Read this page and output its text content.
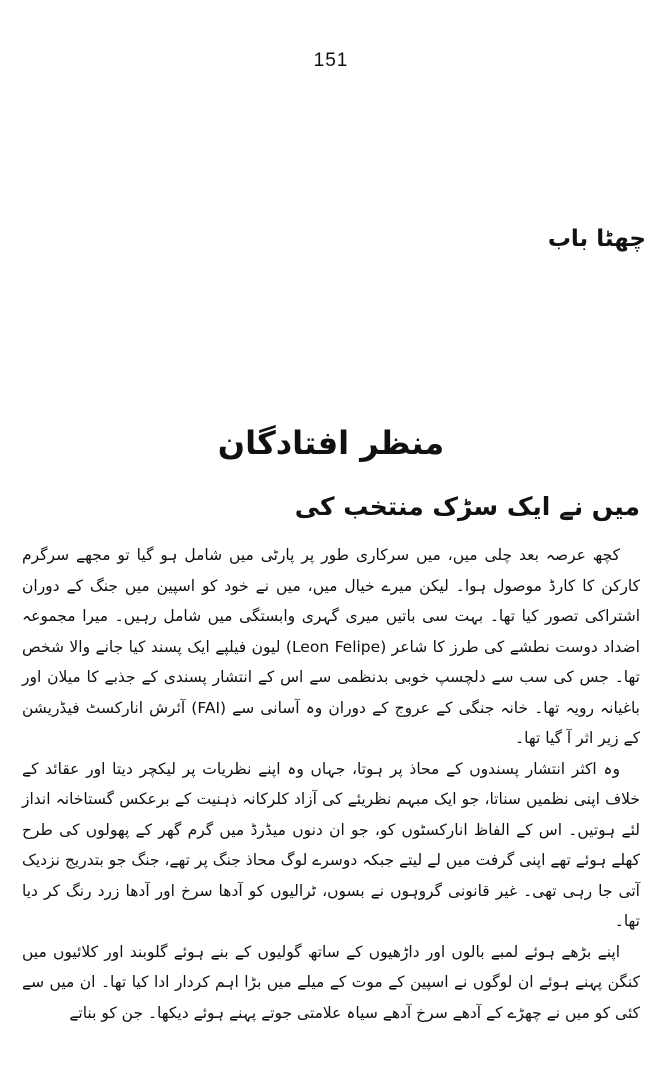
151
چھٹا باب
منظر افتادگان
میں نے ایک سڑک منتخب کی

کچھ عرصہ بعد چلی میں، میں سرکاری طور پر پارٹی میں شامل ہو گیا تو مجھے سرگرم کارکن کا کارڈ موصول ہوا۔ لیکن میرے خیال میں، میں نے خود کو اسپین میں جنگ کے دوران اشتراکی تصور کیا تھا۔ بہت سی باتیں میری گہری وابستگی میں شامل رہیں۔ میرا مجموعہ اضداد دوست نطشے کی طرز کا شاعر (Leon Felipe) لیون فیلپے ایک پسند کیا جانے والا شخص تھا۔ جس کی سب سے دلچسپ خوبی بدنظمی سے اس کے انتشار پسندی کے جذبے کا میلان اور باغیانہ رویہ تھا۔ خانہ جنگی کے عروج کے دوران وہ آسانی سے (FAI) آئرش انارکسٹ فیڈریشن کے زیر اثر آ گیا تھا۔

وہ اکثر انتشار پسندوں کے محاذ پر ہوتا، جہاں وہ اپنے نظریات پر لیکچر دیتا اور عقائد کے خلاف اپنی نظمیں سناتا، جو ایک مبہم نظریئے کی آزاد کلرکانہ ذہنیت کے برعکس گستاخانہ انداز لئے ہوتیں۔ اس کے الفاظ انارکسٹوں کو، جو ان دنوں میڈرڈ میں گرم گھر کے پھولوں کی طرح کھلے ہوئے تھے اپنی گرفت میں لے لیتے جبکہ دوسرے لوگ محاذ جنگ پر تھے، جنگ جو بتدریج نزدیک آتی جا رہی تھی۔ غیر قانونی گروہوں نے بسوں، ٹرالیوں کو آدھا سرخ اور آدھا زرد رنگ کر دیا تھا۔

اپنے بڑھے ہوئے لمبے بالوں اور داڑھیوں کے ساتھ گولیوں کے بنے ہوئے گلوبند اور کلائیوں میں کنگن پہنے ہوئے ان لوگوں نے اسپین کے موت کے میلے میں بڑا اہم کردار ادا کیا تھا۔ ان میں سے کئی کو میں نے چھڑے کے آدھے سرخ آدھے سیاہ علامتی جوتے پہنے ہوئے دیکھا۔ جن کو بناتے
